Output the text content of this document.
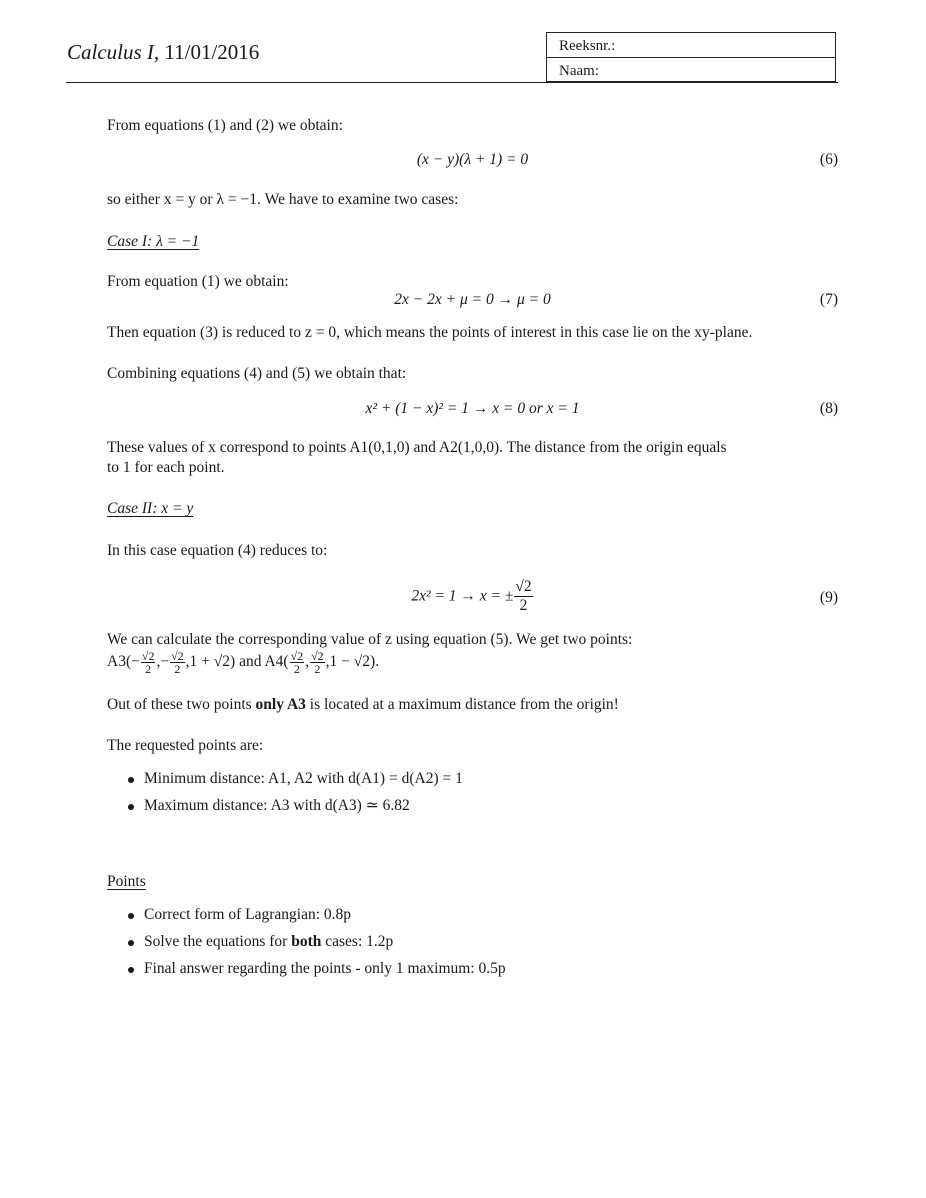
Calculus I, 11/01/2016	Reeksnr.:
Naam:
From equations (1) and (2) we obtain:
(x − y)(λ + 1) = 0	(6)
so either x = y or λ = −1. We have to examine two cases:
Case I: λ = −1
From equation (1) we obtain:
2x − 2x + μ = 0 → μ = 0	(7)
Then equation (3) is reduced to z = 0, which means the points of interest in this case lie on the xy-plane.
Combining equations (4) and (5) we obtain that:
x² + (1 − x)² = 1 → x = 0 or x = 1	(8)
These values of x correspond to points A1(0,1,0) and A2(1,0,0). The distance from the origin equals
to 1 for each point.
Case II: x = y
In this case equation (4) reduces to:
2x² = 1 → x = ± $\frac{√2}{2}$	(9)
We can calculate the corresponding value of z using equation (5). We get two points:
$A3(- \frac{√2}{2}$ ,− $\frac{√2}{2} ,1 + √2$) and $A4( \frac{√2}{2}$ , $\frac{√2}{2} ,1 - √2$).
Out of these two points only A3 is located at a maximum distance from the origin!
The requested points are:
Minimum distance: A1, A2 with d(A1) = d(A2) = 1
Maximum distance: A3 with d(A3) ≃ 6.82
Points
Correct form of Lagrangian: 0.8p
Solve the equations for both cases: 1.2p
Final answer regarding the points - only 1 maximum: 0.5p
